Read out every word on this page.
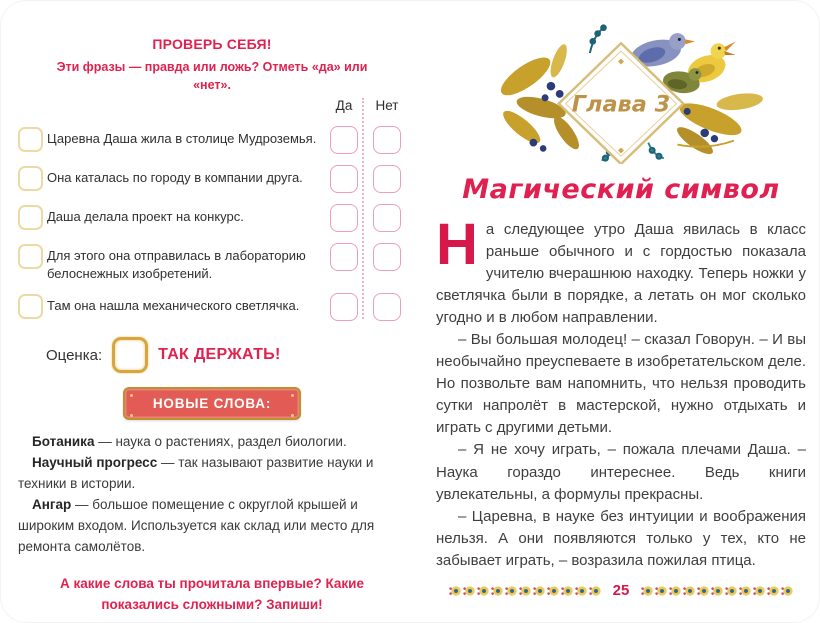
ПРОВЕРЬ СЕБЯ!
Эти фразы — правда или ложь? Отметь «да» или «нет».
Да	Нет
Царевна Даша жила в столице Мудроземья.
Она каталась по городу в компании друга.
Даша делала проект на конкурс.
Для этого она отправилась в лабораторию белоснежных изобретений.
Там она нашла механического светлячка.
Оценка:	ТАК ДЕРЖАТЬ!
НОВЫЕ СЛОВА:

Ботаника — наука о растениях, раздел биологии.

Научный прогресс — так называют развитие науки и техники в истории.

Ангар — большое помещение с округлой крышей и широким входом. Используется как склад или место для ремонта самолётов.

А какие слова ты прочитала впервые? Какие показались сложными? Запиши!
◆
◆
Глава 3
Магический символ

На следующее утро Даша явилась в класс раньше обычного и с гордостью показала учителю вчерашнюю находку. Теперь ножки у светлячка были в порядке, а летать он мог сколько угодно и в любом направлении.

– Вы большая молодец! – сказал Говорун. – И вы необычайно преуспеваете в изобретательском деле. Но позвольте вам напомнить, что нельзя проводить сутки напролёт в мастерской, нужно отдыхать и играть с другими детьми.

– Я не хочу играть, – пожала плечами Даша. – Наука гораздо интереснее. Ведь книги увлекательны, а формулы прекрасны.

– Царевна, в науке без интуиции и воображения нельзя. А они появляются только у тех, кто не забывает играть, – возразила пожилая птица.

25
